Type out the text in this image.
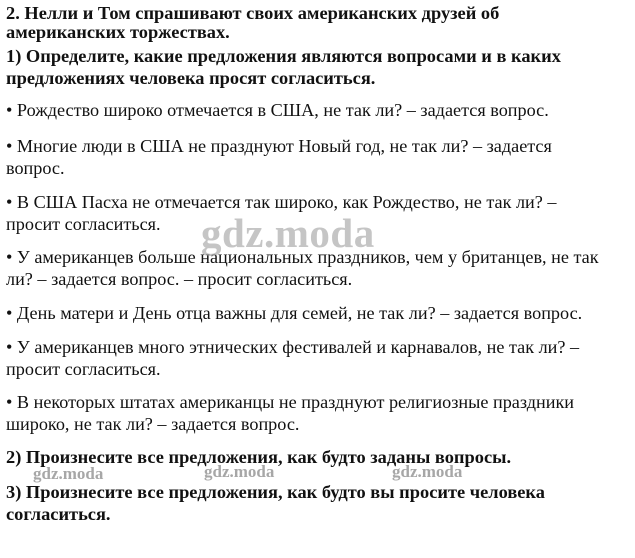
2. Нелли и Том спрашивают своих американских друзей об
американских торжествах.
1) Определите, какие предложения являются вопросами и в каких
предложениях человека просят согласиться.
• Рождество широко отмечается в США, не так ли? – задается вопрос.
• Многие люди в США не празднуют Новый год, не так ли? – задается
вопрос.
• В США Пасха не отмечается так широко, как Рождество, не так ли? –
просит согласиться.
• У американцев больше национальных праздников, чем у британцев, не так
ли? – задается вопрос. – просит согласиться.
• День матери и День отца важны для семей, не так ли? – задается вопрос.
• У американцев много этнических фестивалей и карнавалов, не так ли? –
просит согласиться.
• В некоторых штатах американцы не празднуют религиозные праздники
широко, не так ли? – задается вопрос.
2) Произнесите все предложения, как будто заданы вопросы.
3) Произнесите все предложения, как будто вы просите человека
согласиться.
gdz.moda
gdz.moda	gdz.moda	gdz.moda
